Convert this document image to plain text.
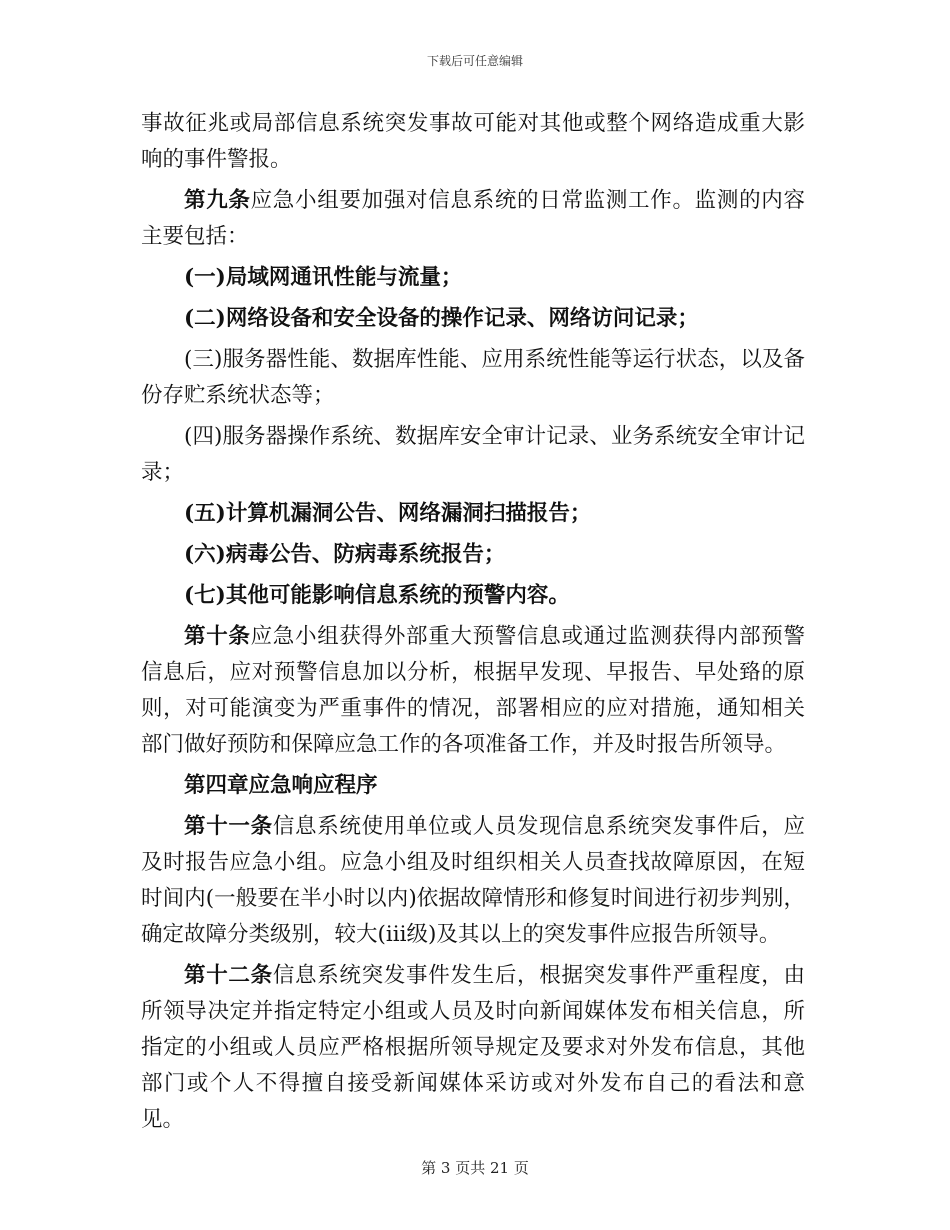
下载后可任意编辑

事故征兆或局部信息系统突发事故可能对其他或整个网络造成重大影响的事件警报。

第九条应急小组要加强对信息系统的日常监测工作。监测的内容主要包括：

(一)局域网通讯性能与流量；

(二)网络设备和安全设备的操作记录、网络访问记录；

(三)服务器性能、数据库性能、应用系统性能等运行状态，以及备份存贮系统状态等；

(四)服务器操作系统、数据库安全审计记录、业务系统安全审计记录；

(五)计算机漏洞公告、网络漏洞扫描报告；

(六)病毒公告、防病毒系统报告；

(七)其他可能影响信息系统的预警内容。

第十条应急小组获得外部重大预警信息或通过监测获得内部预警信息后，应对预警信息加以分析，根据早发现、早报告、早处臵的原则，对可能演变为严重事件的情况，部署相应的应对措施，通知相关部门做好预防和保障应急工作的各项准备工作，并及时报告所领导。

第四章应急响应程序

第十一条信息系统使用单位或人员发现信息系统突发事件后，应及时报告应急小组。应急小组及时组织相关人员查找故障原因，在短时间内(一般要在半小时以内)依据故障情形和修复时间进行初步判别，确定故障分类级别，较大(iii级)及其以上的突发事件应报告所领导。

第十二条信息系统突发事件发生后，根据突发事件严重程度，由所领导决定并指定特定小组或人员及时向新闻媒体发布相关信息，所指定的小组或人员应严格根据所领导规定及要求对外发布信息，其他部门或个人不得擅自接受新闻媒体采访或对外发布自己的看法和意见。

第 3 页共 21 页
